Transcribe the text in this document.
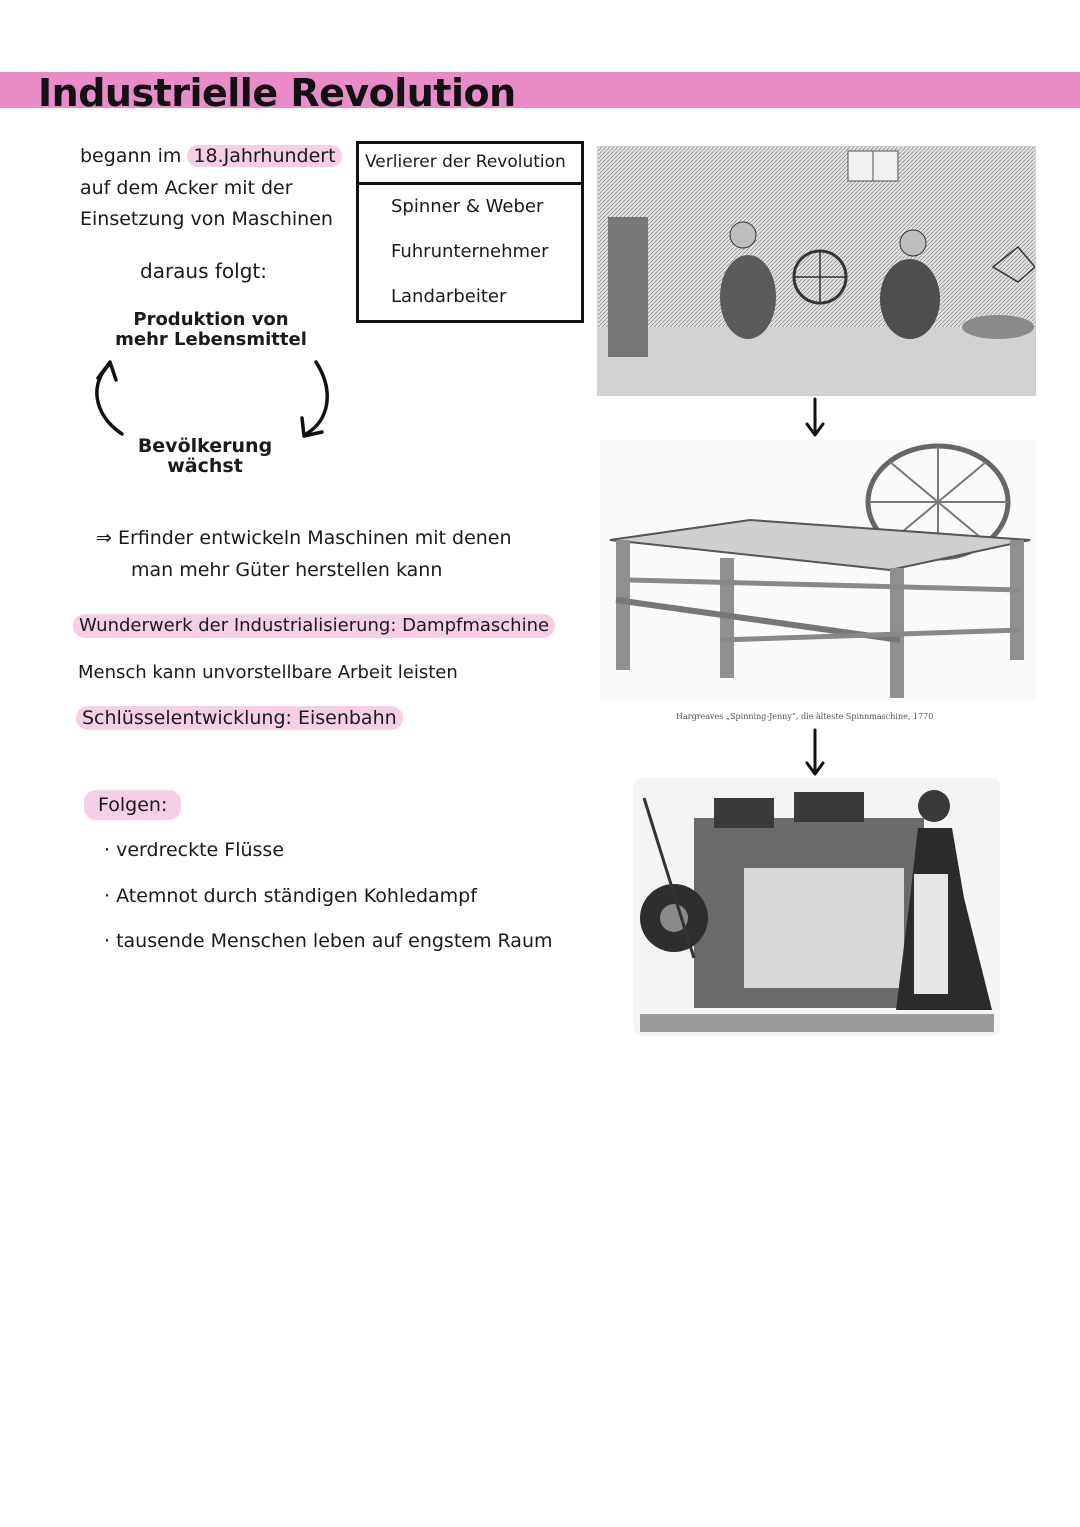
Industrielle Revolution
begann im 18.Jahrhundert
auf dem Acker mit der
Einsetzung von Maschinen
daraus folgt:
Produktion von
mehr Lebensmittel
Bevölkerung
wächst
Verlierer der Revolution
Spinner & Weber
Fuhrunternehmer
Landarbeiter
⇒ Erfinder entwickeln Maschinen mit denen
man mehr Güter herstellen kann
Wunderwerk der Industrialisierung: Dampfmaschine
Mensch kann unvorstellbare Arbeit leisten
Schlüsselentwicklung: Eisenbahn
Folgen:
· verdreckte Flüsse
· Atemnot durch ständigen Kohledampf
· tausende Menschen leben auf engstem Raum
Hargreaves „Spinning-Jenny“, die älteste Spinnmaschine, 1770
